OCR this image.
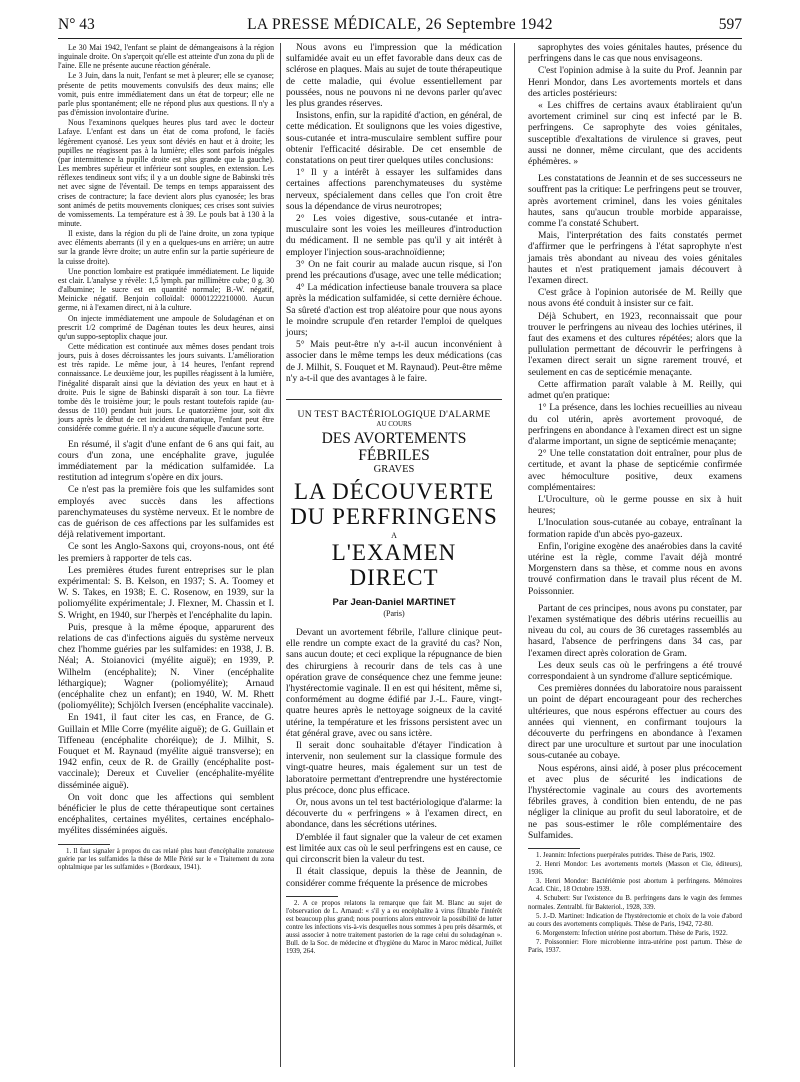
N° 43	LA PRESSE MÉDICALE, 26 Septembre 1942	597

Le 30 Mai 1942, l'enfant se plaint de démangeaisons à la région inguinale droite. On s'aperçoit qu'elle est atteinte d'un zona du pli de l'aine. Elle ne présente aucune réaction générale.

Le 3 Juin, dans la nuit, l'enfant se met à pleurer; elle se cyanose; présente de petits mouvements convulsifs des deux mains; elle vomit, puis entre immédiatement dans un état de torpeur; elle ne parle plus spontanément; elle ne répond plus aux questions. Il n'y a pas d'émission involontaire d'urine.

Nous l'examinons quelques heures plus tard avec le docteur Lafaye. L'enfant est dans un état de coma profond, le faciès légèrement cyanosé. Les yeux sont déviés en haut et à droite; les pupilles ne réagissent pas à la lumière; elles sont parfois inégales (par intermittence la pupille droite est plus grande que la gauche). Les membres supérieur et inférieur sont souples, en extension. Les réflexes tendineux sont vifs; il y a un double signe de Babinski très net avec signe de l'éventail. De temps en temps apparaissent des crises de contracture; la face devient alors plus cyanosée; les bras sont animés de petits mouvements cloniques; ces crises sont suivies de vomissements. La température est à 39. Le pouls bat à 130 à la minute.

Il existe, dans la région du pli de l'aine droite, un zona typique avec éléments aberrants (il y en a quelques-uns en arrière; un autre sur la grande lèvre droite; un autre enfin sur la partie supérieure de la cuisse droite).

Une ponction lombaire est pratiquée immédiatement. Le liquide est clair. L'analyse y révèle: 1,5 lymph. par millimètre cube; 0 g. 30 d'albumine; le sucre est en quantité normale; B.-W. négatif, Meinicke négatif. Benjoin colloïdal: 00001222210000. Aucun germe, ni à l'examen direct, ni à la culture.

On injecte immédiatement une ampoule de Soludagénan et on prescrit 1/2 comprimé de Dagénan toutes les deux heures, ainsi qu'un suppo-septoplix chaque jour.

Cette médication est continuée aux mêmes doses pendant trois jours, puis à doses décroissantes les jours suivants. L'amélioration est très rapide. Le même jour, à 14 heures, l'enfant reprend connaissance. Le deuxième jour, les pupilles réagissent à la lumière, l'inégalité disparaît ainsi que la déviation des yeux en haut et à droite. Puis le signe de Babinski disparaît à son tour. La fièvre tombe dès le troisième jour; le pouls restant toutefois rapide (au-dessus de 110) pendant huit jours. Le quatorzième jour, soit dix jours après le début de cet incident dramatique, l'enfant peut être considérée comme guérie. Il n'y a aucune séquelle d'aucune sorte.

En résumé, il s'agit d'une enfant de 6 ans qui fait, au cours d'un zona, une encéphalite grave, jugulée immédiatement par la médication sulfamidée. La restitution ad integrum s'opère en dix jours.

Ce n'est pas la première fois que les sulfamides sont employés avec succès dans les affections parenchymateuses du système nerveux. Et le nombre de cas de guérison de ces affections par les sulfamides est déjà relativement important.

Ce sont les Anglo-Saxons qui, croyons-nous, ont été les premiers à rapporter de tels cas.

Les premières études furent entreprises sur le plan expérimental: S. B. Kelson, en 1937; S. A. Toomey et W. S. Takes, en 1938; E. C. Rosenow, en 1939, sur la poliomyélite expérimentale; J. Flexner, M. Chassin et I. S. Wright, en 1940, sur l'herpès et l'encéphalite du lapin.

Puis, presque à la même époque, apparurent des relations de cas d'infections aiguës du système nerveux chez l'homme guéries par les sulfamides: en 1938, J. B. Néal; A. Stoianovici (myélite aiguë); en 1939, P. Wilhelm (encéphalite); N. Viner (encéphalite léthargique); Wagner (poliomyélite); Arnaud (encéphalite chez un enfant); en 1940, W. M. Rhett (poliomyélite); Schjölch Iversen (encéphalite vaccinale).

En 1941, il faut citer les cas, en France, de G. Guillain et Mlle Corre (myélite aiguë); de G. Guillain et Tiffeneau (encéphalite choréique); de J. Milhit, S. Fouquet et M. Raynaud (myélite aiguë transverse); en 1942 enfin, ceux de R. de Grailly (encéphalite post-vaccinale); Dereux et Cuvelier (encéphalite-myélite disséminée aiguë).

On voit donc que les affections qui semblent bénéficier le plus de cette thérapeutique sont certaines encéphalites, certaines myélites, certaines encéphalo-myélites disséminées aiguës.

1. Il faut signaler à propos du cas relaté plus haut d'encéphalite zonateuse guérie par les sulfamides la thèse de Mlle Périé sur le « Traitement du zona ophtalmique par les sulfamides » (Bordeaux, 1941).

Nous avons eu l'impression que la médication sulfamidée avait eu un effet favorable dans deux cas de sclérose en plaques. Mais au sujet de toute thérapeutique de cette maladie, qui évolue essentiellement par poussées, nous ne pouvons ni ne devons parler qu'avec les plus grandes réserves.

Insistons, enfin, sur la rapidité d'action, en général, de cette médication. Et soulignons que les voies digestive, sous-cutanée et intra-musculaire semblent suffire pour obtenir l'efficacité désirable. De cet ensemble de constatations on peut tirer quelques utiles conclusions:

1° Il y a intérêt à essayer les sulfamides dans certaines affections parenchymateuses du système nerveux, spécialement dans celles que l'on croit être sous la dépendance de virus neurotropes;

2° Les voies digestive, sous-cutanée et intra-musculaire sont les voies les meilleures d'introduction du médicament. Il ne semble pas qu'il y ait intérêt à employer l'injection sous-arachnoïdienne;

3° On ne fait courir au malade aucun risque, si l'on prend les précautions d'usage, avec une telle médication;

4° La médication infectieuse banale trouvera sa place après la médication sulfamidée, si cette dernière échoue. Sa sûreté d'action est trop aléatoire pour que nous ayons le moindre scrupule d'en retarder l'emploi de quelques jours;

5° Mais peut-être n'y a-t-il aucun inconvénient à associer dans le même temps les deux médications (cas de J. Milhit, S. Fouquet et M. Raynaud). Peut-être même n'y a-t-il que des avantages à le faire.

UN TEST BACTÉRIOLOGIQUE D'ALARME
AU COURS
DES AVORTEMENTS FÉBRILES
GRAVES
LA DÉCOUVERTE
DU PERFRINGENS
A
L'EXAMEN DIRECT
Par Jean-Daniel MARTINET
(Paris)

Devant un avortement fébrile, l'allure clinique peut-elle rendre un compte exact de la gravité du cas? Non, sans aucun doute; et ceci explique la répugnance de bien des chirurgiens à recourir dans de tels cas à une opération grave de conséquence chez une femme jeune: l'hystérectomie vaginale. Il en est qui hésitent, même si, conformément au dogme édifié par J.-L. Faure, vingt-quatre heures après le nettoyage soigneux de la cavité utérine, la température et les frissons persistent avec un état général grave, avec ou sans ictère.

Il serait donc souhaitable d'étayer l'indication à intervenir, non seulement sur la classique formule des vingt-quatre heures, mais également sur un test de laboratoire permettant d'entreprendre une hystérectomie plus précoce, donc plus efficace.

Or, nous avons un tel test bactériologique d'alarme: la découverte du « perfringens » à l'examen direct, en abondance, dans les sécrétions utérines.

D'emblée il faut signaler que la valeur de cet examen est limitée aux cas où le seul perfringens est en cause, ce qui circonscrit bien la valeur du test.

Il était classique, depuis la thèse de Jeannin, de considérer comme fréquente la présence de microbes

2. A ce propos relatons la remarque que fait M. Blanc au sujet de l'observation de L. Arnaud: « s'il y a eu encéphalite à virus filtrable l'intérêt est beaucoup plus grand; nous pourrions alors entrevoir la possibilité de lutter contre les infections vis-à-vis desquelles nous sommes à peu près désarmés, et aussi associer à notre traitement pastorien de la rage celui du soludagénan ». Bull. de la Soc. de médecine et d'hygiène du Maroc in Maroc médical, Juillet 1939, 264.

saprophytes des voies génitales hautes, présence du perfringens dans le cas que nous envisageons.

C'est l'opinion admise à la suite du Prof. Jeannin par Henri Mondor, dans Les avortements mortels et dans des articles postérieurs:

« Les chiffres de certains avaux établiraient qu'un avortement criminel sur cinq est infecté par le B. perfringens. Ce saprophyte des voies génitales, susceptible d'exaltations de virulence si graves, peut aussi ne donner, même circulant, que des accidents éphémères. »

Les constatations de Jeannin et de ses successeurs ne souffrent pas la critique: Le perfringens peut se trouver, après avortement criminel, dans les voies génitales hautes, sans qu'aucun trouble morbide apparaisse, comme l'a constaté Schubert.

Mais, l'interprétation des faits constatés permet d'affirmer que le perfringens à l'état saprophyte n'est jamais très abondant au niveau des voies génitales hautes et n'est pratiquement jamais découvert à l'examen direct.

C'est grâce à l'opinion autorisée de M. Reilly que nous avons été conduit à insister sur ce fait.

Déjà Schubert, en 1923, reconnaissait que pour trouver le perfringens au niveau des lochies utérines, il faut des examens et des cultures répétées; alors que la pullulation permettant de découvrir le perfringens à l'examen direct serait un signe rarement trouvé, et seulement en cas de septicémie menaçante.

Cette affirmation paraît valable à M. Reilly, qui admet qu'en pratique:

1° La présence, dans les lochies recueillies au niveau du col utérin, après avortement provoqué, de perfringens en abondance à l'examen direct est un signe d'alarme important, un signe de septicémie menaçante;

2° Une telle constatation doit entraîner, pour plus de certitude, et avant la phase de septicémie confirmée avec hémoculture positive, deux examens complémentaires:

L'Uroculture, où le germe pousse en six à huit heures;

L'Inoculation sous-cutanée au cobaye, entraînant la formation rapide d'un abcès pyo-gazeux.

Enfin, l'origine exogène des anaérobies dans la cavité utérine est la règle, comme l'avait déjà montré Morgenstern dans sa thèse, et comme nous en avons trouvé confirmation dans le travail plus récent de M. Poissonnier.

Partant de ces principes, nous avons pu constater, par l'examen systématique des débris utérins recueillis au niveau du col, au cours de 36 curetages rassemblés au hasard, l'absence de perfringens dans 34 cas, par l'examen direct après coloration de Gram.

Les deux seuls cas où le perfringens a été trouvé correspondaient à un syndrome d'allure septicémique.

Ces premières données du laboratoire nous paraissent un point de départ encourageant pour des recherches ultérieures, que nous espérons effectuer au cours des années qui viennent, en confirmant toujours la découverte du perfringens en abondance à l'examen direct par une uroculture et surtout par une inoculation sous-cutanée au cobaye.

Nous espérons, ainsi aidé, à poser plus précocement et avec plus de sécurité les indications de l'hystérectomie vaginale au cours des avortements fébriles graves, à condition bien entendu, de ne pas négliger la clinique au profit du seul laboratoire, et de ne pas sous-estimer le rôle complémentaire des Sulfamides.

1. Jeannin: Infections puerpérales putrides. Thèse de Paris, 1902.

2. Henri Mondor: Les avortements mortels (Masson et Cie, éditeurs), 1936.

3. Henri Mondor: Bactériémie post abortum à perfringens. Mémoires Acad. Chir., 18 Octobre 1939.

4. Schubert: Sur l'existence du B. perfringens dans le vagin des femmes normales. Zentralbl. für Bakteriol., 1928, 339.

5. J.-D. Martinet: Indication de l'hystérectomie et choix de la voie d'abord au cours des avortements compliqués. Thèse de Paris, 1942, 72-80.

6. Morgenstern: Infection utérine post abortum. Thèse de Paris, 1922.

7. Poissonnier: Flore microbienne intra-utérine post partum. Thèse de Paris, 1937.
